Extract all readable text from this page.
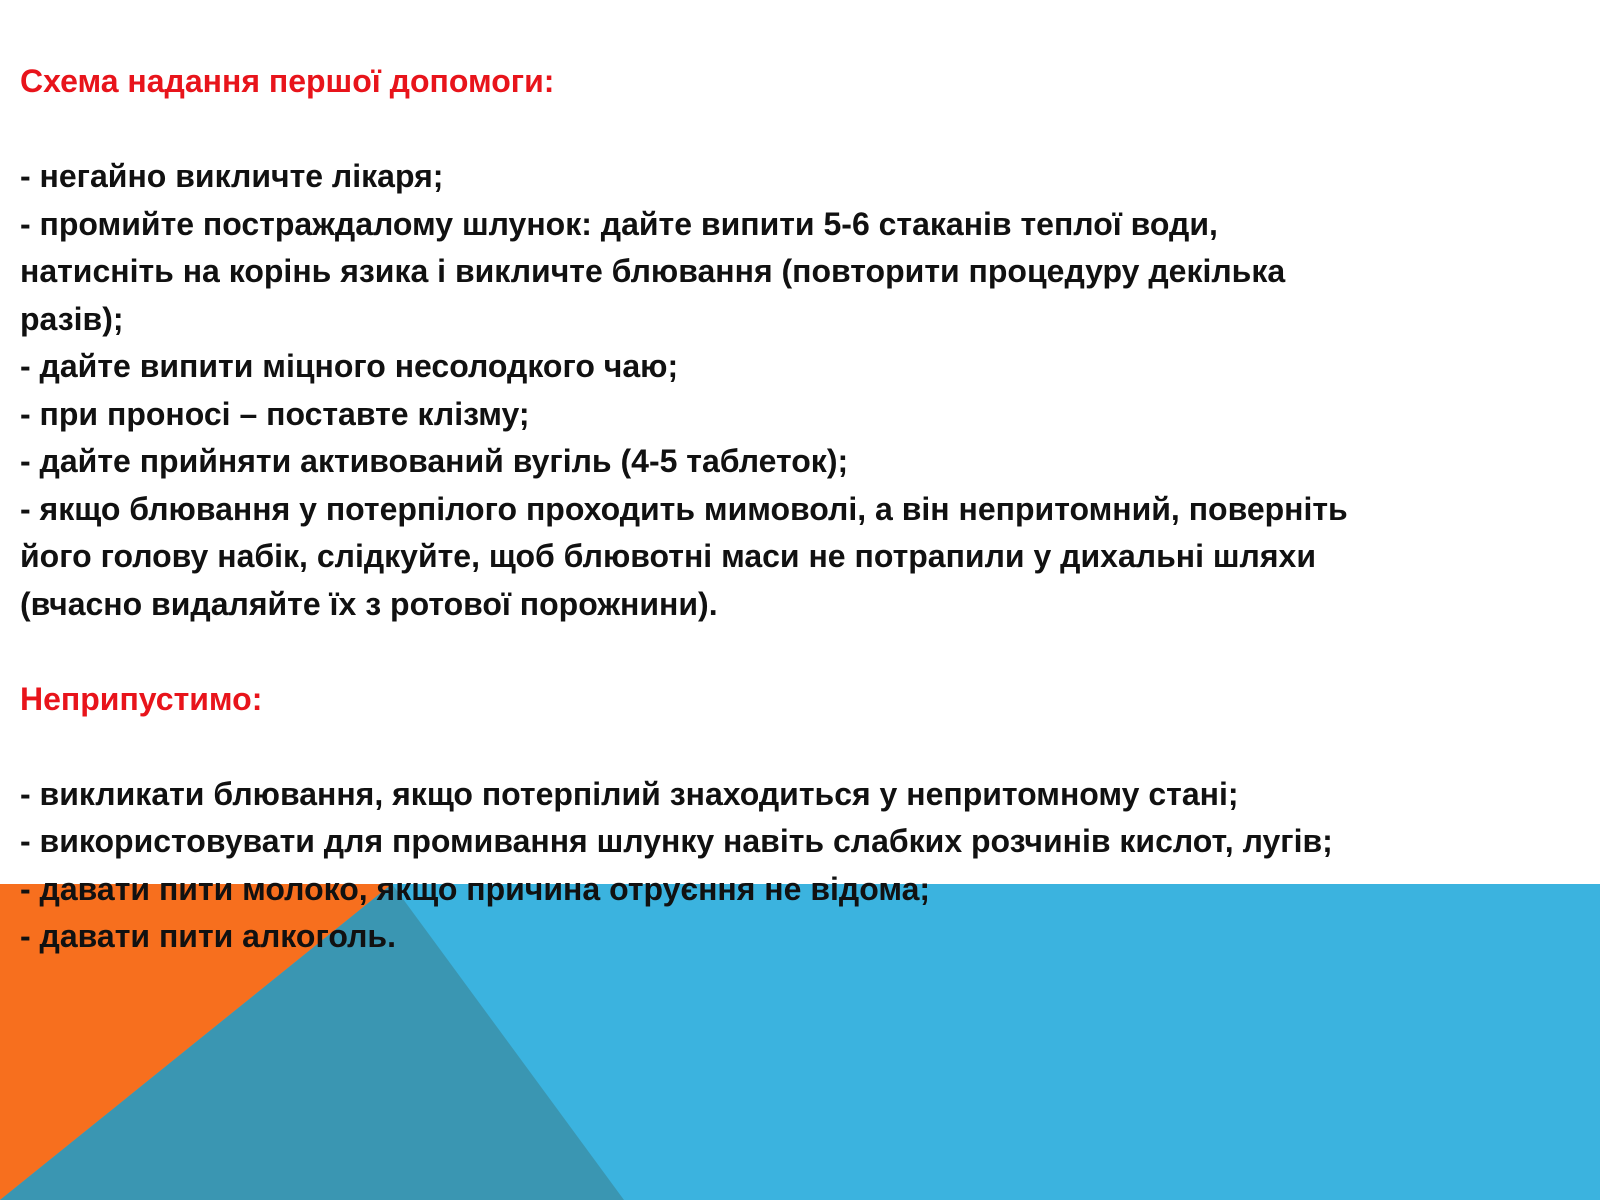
Схема надання першої допомоги:

- негайно викличте лікаря;

- промийте постраждалому шлунок: дайте випити 5-6 стаканів теплої води,

натисніть на корінь язика і викличте блювання (повторити процедуру декілька

разів);

- дайте випити міцного несолодкого чаю;

- при проносі – поставте клізму;

- дайте прийняти активований вугіль (4-5 таблеток);

- якщо блювання у потерпілого проходить мимоволі, а він непритомний, поверніть

його голову набік, слідкуйте, щоб блювотні маси не потрапили у дихальні шляхи

(вчасно видаляйте їх з ротової порожнини).

Неприпустимо:

- викликати блювання, якщо потерпілий знаходиться у непритомному стані;

- використовувати для промивання шлунку навіть слабких розчинів кислот, лугів;

- давати пити молоко, якщо причина отруєння не відома;

- давати пити алкоголь.
